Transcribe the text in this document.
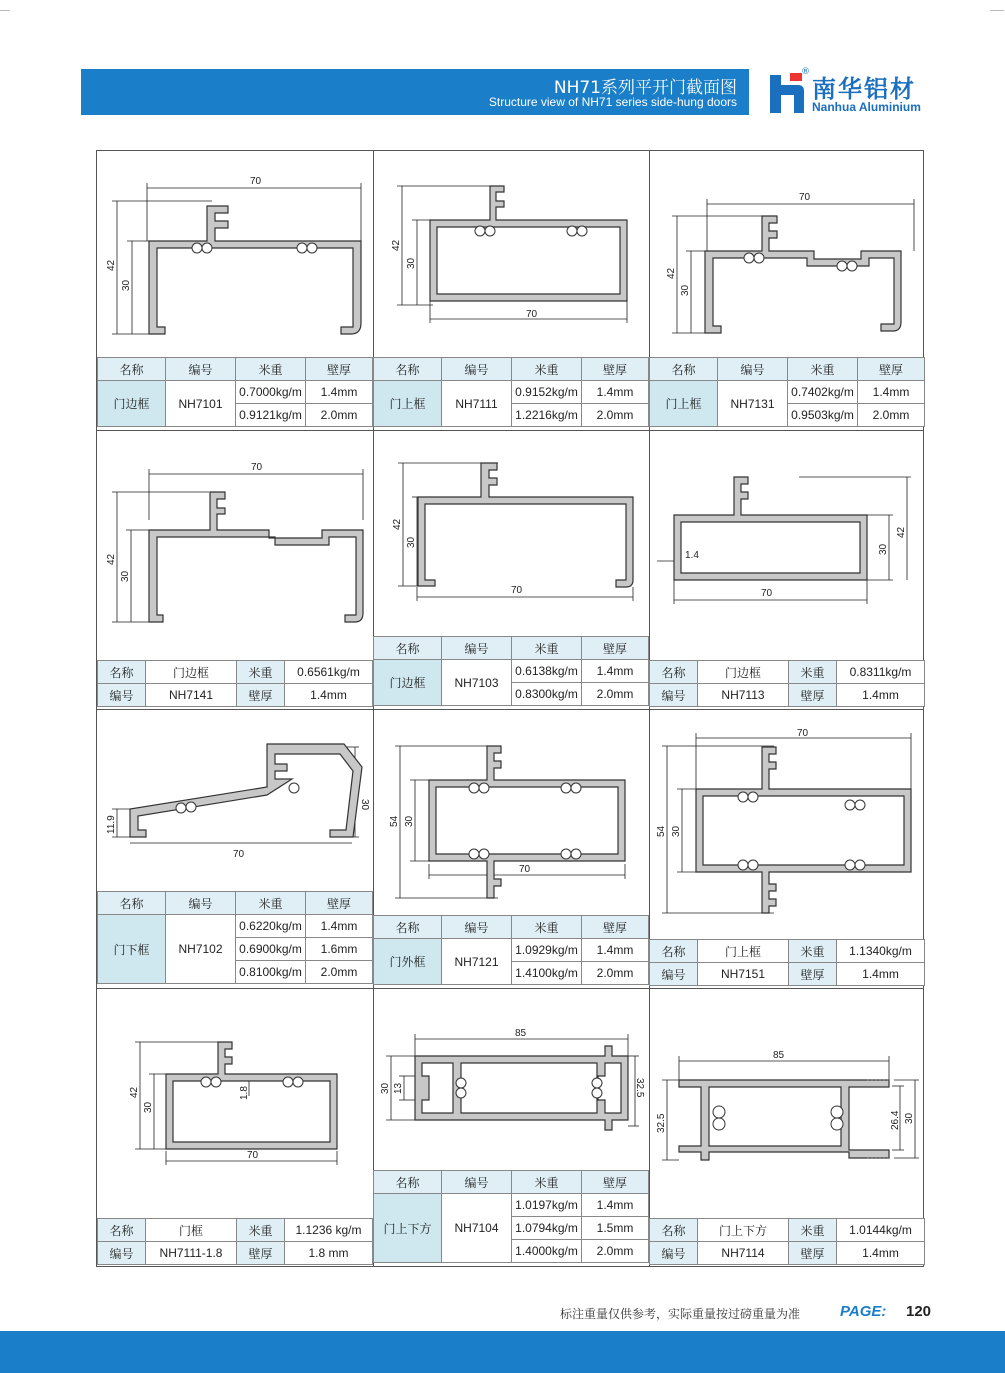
NH71系列平开门截面图
Structure view of NH71 series side-hung doors
®
南华铝材
Nanhua Aluminium
70
42
30
名称	编号	米重	壁厚
门边框	NH7101	0.7000kg/m	1.4mm
		0.9121kg/m	2.0mm
70
42
30
名称	编号	米重	壁厚
门上框	NH7111	0.9152kg/m	1.4mm
		1.2216kg/m	2.0mm
70
42
30
名称	编号	米重	壁厚
门上框	NH7131	0.7402kg/m	1.4mm
		0.9503kg/m	2.0mm
70
42
30
名称	门边框	米重	0.6561kg/m
编号	NH7141	壁厚	1.4mm
70
42
30
名称	编号	米重	壁厚
门边框	NH7103	0.6138kg/m	1.4mm
		0.8300kg/m	2.0mm
70
1.4
30
42
名称	门边框	米重	0.8311kg/m
编号	NH7113	壁厚	1.4mm
70
11.9
30
名称	编号	米重	壁厚
门下框	NH7102	0.6220kg/m	1.4mm
		0.6900kg/m	1.6mm
		0.8100kg/m	2.0mm
70
54 30
名称	编号	米重	壁厚
门外框	NH7121	1.0929kg/m	1.4mm
		1.4100kg/m	2.0mm
70
54 30
名称	门上框	米重	1.1340kg/m
编号	NH7151	壁厚	1.4mm
70
42
30
1.8
名称	门框	米重	1.1236 kg/m
编号	NH7111-1.8	壁厚	1.8 mm
85
30 13	32.5
名称	编号	米重	壁厚
门上下方	NH7104	1.0197kg/m	1.4mm
		1.0794kg/m	1.5mm
		1.4000kg/m	2.0mm
85
32.5	26.4 30
名称	门上下方	米重	1.0144kg/m
编号	NH7114	壁厚	1.4mm
标注重量仅供参考，实际重量按过磅重量为准	PAGE: 120
